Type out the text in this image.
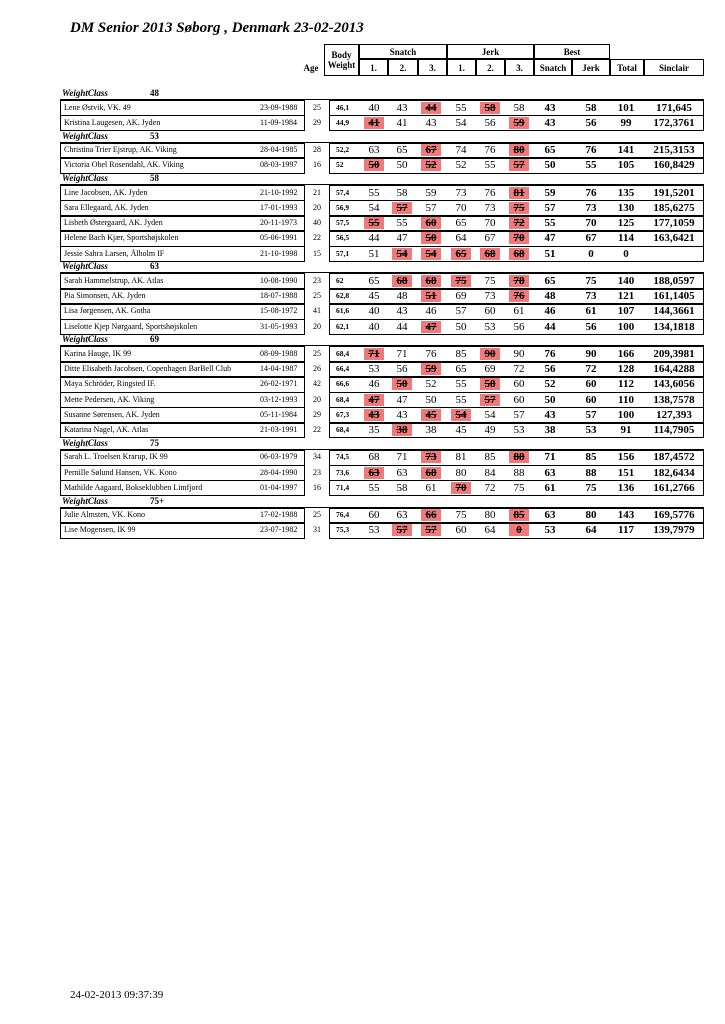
DM Senior 2013 Søborg , Denmark 23-02-2013
Age
Body
Weight
Snatch	Jerk	Best
1.	2.	3.	1.	2.	3.	Snatch	Jerk	Total	Sinclair
WeightClass	48
Lene Østvik, VK. 49	23-09-1988 25 46,1	40	43	44	55	58	58	43	58	101	171,645
Kristina Laugesen, AK. Jyden	11-09-1984 29 44,9	41	41	43	54	56	59	43	56	99	172,3761
WeightClass	53
Christina Trier Ejstrup, AK. Viking	28-04-1985 28 52,2	63	65	67	74	76	80	65	76	141	215,3153
Victoria Obel Rosendahl, AK. Viking	08-03-1997 16 52	50	50	52	52	55	57	50	55	105	160,8429
WeightClass	58
Line Jacobsen, AK. Jyden	21-10-1992 21 57,4	55	58	59	73	76	81	59	76	135	191,5201
Sara Ellegaard, AK. Jyden	17-01-1993 20 56,9	54	57	57	70	73	75	57	73	130	185,6275
Lisbeth Østergaard, AK. Jyden	20-11-1973 40 57,5	55	55	60	65	70	72	55	70	125	177,1059
Helene Bach Kjær, Sportshøjskolen	05-06-1991 22 56,5	44	47	50	64	67	70	47	67	114	163,6421
Jessie Sahra Larsen, Ålholm IF	21-10-1998 15 57,1	51	54	54	65	68	68	51	0	0
WeightClass	63
Sarah Hammelstrup, AK. Atlas	10-08-1990 23 62	65	68	68	75	75	78	65	75	140	188,0597
Pia Simonsen, AK. Jyden	18-07-1988 25 62,8	45	48	51	69	73	76	48	73	121	161,1405
Lisa Jørgensen, AK. Gotha	15-08-1972 41 61,6	40	43	46	57	60	61	46	61	107	144,3661
Liselotte Kjep Nørgaard, Sportshøjskolen	31-05-1993 20 62,1	40	44	47	50	53	56	44	56	100	134,1818
WeightClass	69
Karina Hauge, IK 99	08-09-1988 25 68,4	71	71	76	85	90	90	76	90	166	209,3981
Ditte Elisabeth Jacobsen, Copenhagen BarBell Club	14-04-1987 26 66,4	53	56	59	65	69	72	56	72	128	164,4288
Maya Schröder, Ringsted IF.	26-02-1971 42 66,6	46	50	52	55	58	60	52	60	112	143,6056
Mette Pedersen, AK. Viking	03-12-1993 20 68,4	47	47	50	55	57	60	50	60	110	138,7578
Susanne Sørensen, AK. Jyden	05-11-1984 29 67,3	43	43	45	54	54	57	43	57	100	127,393
Katarina Nagel, AK. Atlas	21-03-1991 22 68,4	35	38	38	45	49	53	38	53	91	114,7905
WeightClass	75
Sarah L. Troelsen Krarup, IK 99	06-03-1979 34 74,5	68	71	73	81	85	88	71	85	156	187,4572
Pernille Sølund Hansen, VK. Kono	28-04-1990 23 73,6	63	63	68	80	84	88	63	88	151	182,6434
Mathilde Aagaard, Bokseklubben Limfjord	01-04-1997 16 71,4	55	58	61	70	72	75	61	75	136	161,2766
WeightClass	75+
Julie Almsten, VK. Kono	17-02-1988 25 76,4	60	63	66	75	80	85	63	80	143	169,5776
Lise Mogensen, IK 99	23-07-1982 31 75,3	53	57	57	60	64	0	53	64	117	139,7979
24-02-2013 09:37:39
